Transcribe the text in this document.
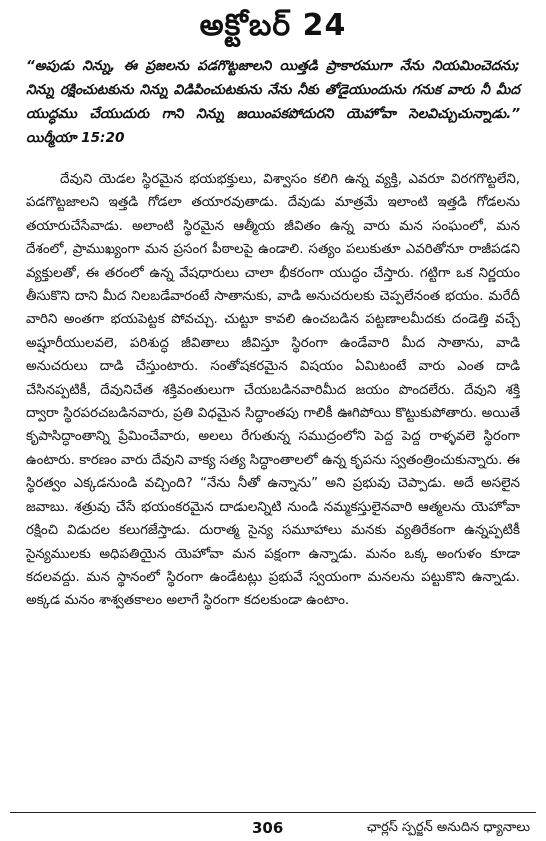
అక్టోబర్ 24

“అపుడు నిన్ను, ఈ ప్రజలను పడగొట్టజాలని యిత్తడి ప్రాకారముగా నేను నియమించెదను; నిన్ను రక్షించుటకును నిన్ను విడిపించుటకును నేను నీకు తోడైయుందును గనుక వారు నీ మీద యుద్ధము చేయుదురు గాని నిన్ను జయింపకపోదురని యెహోవా సెలవిచ్చుచున్నాడు.” యిర్మీయా 15:20

దేవుని యెడల స్థిరమైన భయభక్తులు, విశ్వాసం కలిగి ఉన్న వ్యక్తి, ఎవరూ విరగగొట్టలేని, పడగొట్టజాలని ఇత్తడి గోడలా తయారవుతాడు. దేవుడు మాత్రమే ఇలాంటి ఇత్తడి గోడలను తయారుచేసేవాడు. అలాంటి స్థిరమైన ఆత్మీయ జీవితం ఉన్న వారు మన సంఘంలో, మన దేశంలో, ప్రాముఖ్యంగా మన ప్రసంగ పీఠాలపై ఉండాలి. సత్యం పలుకుతూ ఎవరితోనూ రాజీపడని వ్యక్తులతో, ఈ తరంలో ఉన్న వేషధారులు చాలా భీకరంగా యుద్ధం చేస్తారు. గట్టిగా ఒక నిర్ణయం తీసుకొని దాని మీద నిలబడేవారంటే సాతానుకు, వాడి అనుచరులకు చెప్పలేనంత భయం. మరేదీ వారిని అంతగా భయపెట్టక పోవచ్చు. చుట్టూ కావలి ఉంచబడిన పట్టణాలమీదకు దండెత్తి వచ్చే అష్షూరీయులవలె, పరిశుద్ధ జీవితాలు జీవిస్తూ స్థిరంగా ఉండేవారి మీద సాతాను, వాడి అనుచరులు దాడి చేస్తుంటారు. సంతోషకరమైన విషయం ఏమిటంటే వారు ఎంత దాడి చేసినప్పటికీ, దేవునిచేత శక్తివంతులుగా చేయబడినవారిమీద జయం పొందలేరు. దేవుని శక్తి ద్వారా స్థిరపరచబడినవారు, ప్రతి విధమైన సిద్ధాంతపు గాలికీ ఊగిపోయి కొట్టుకుపోతారు. అయితే కృపాసిద్ధాంతాన్ని ప్రేమించేవారు, అలలు రేగుతున్న సముద్రంలోని పెద్ద పెద్ద రాళ్ళవలె స్థిరంగా ఉంటారు. కారణం వారు దేవుని వాక్య సత్య సిద్ధాంతాలలో ఉన్న కృపను స్వతంత్రించుకున్నారు. ఈ స్థిరత్వం ఎక్కడనుండి వచ్చింది? “నేను నీతో ఉన్నాను” అని ప్రభువు చెప్పాడు. అదే అసలైన జవాబు. శత్రువు చేసే భయంకరమైన దాడులన్నిటి నుండి నమ్మకస్తులైనవారి ఆత్మలను యెహోవా రక్షించి విడుదల కలుగజేస్తాడు. దురాత్మ సైన్య సమూహాలు మనకు వ్యతిరేకంగా ఉన్నప్పటికీ సైన్యములకు అధిపతియైన యెహోవా మన పక్షంగా ఉన్నాడు. మనం ఒక్క అంగుళం కూడా కదలవద్దు. మన స్థానంలో స్థిరంగా ఉండేటట్లు ప్రభువే స్వయంగా మనలను పట్టుకొని ఉన్నాడు. అక్కడ మనం శాశ్వతకాలం అలాగే స్థిరంగా కదలకుండా ఉంటాం.

306	ఛార్లస్ స్పర్జన్ అనుదిన ధ్యానాలు
